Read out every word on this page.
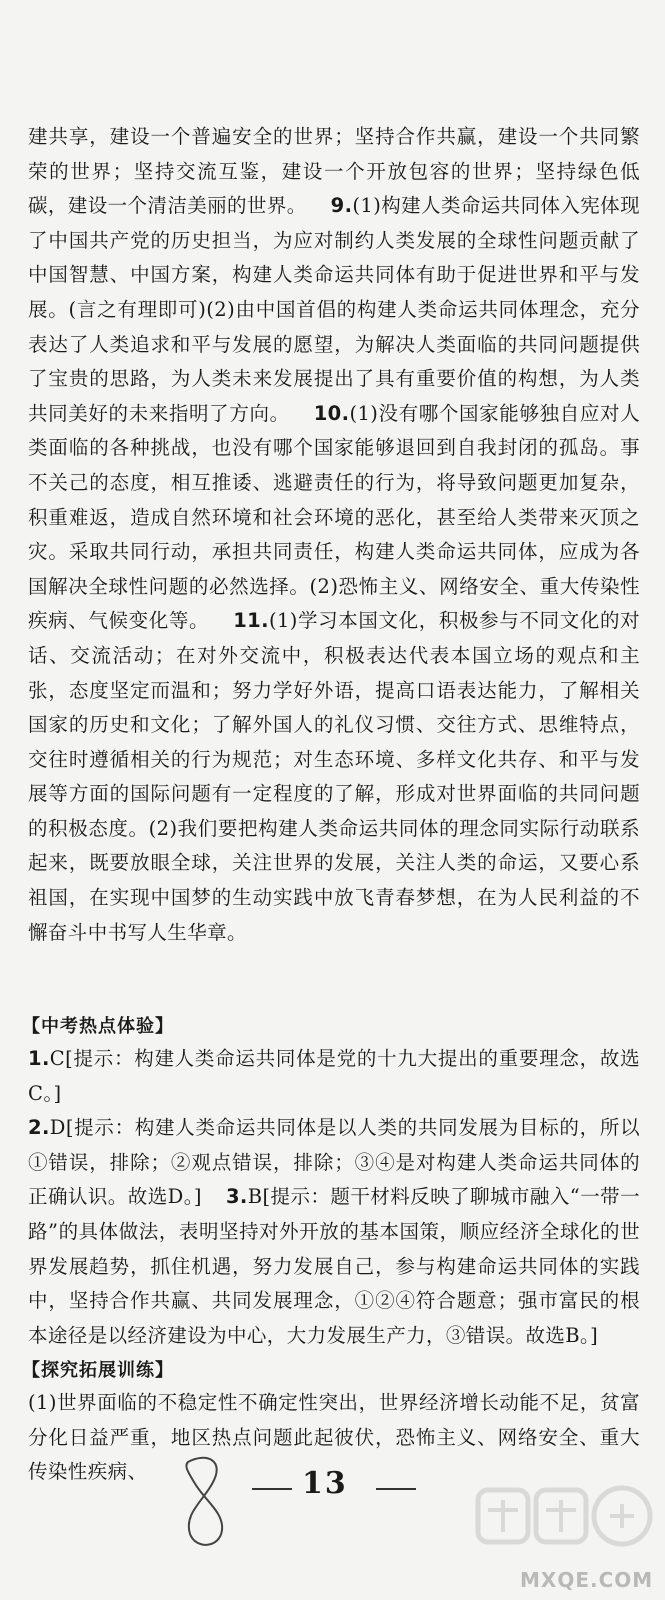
建共享，建设一个普遍安全的世界；坚持合作共赢，建设一个共同繁荣的世界；坚持交流互鉴，建设一个开放包容的世界；坚持绿色低碳，建设一个清洁美丽的世界。 9.(1)构建人类命运共同体入宪体现了中国共产党的历史担当，为应对制约人类发展的全球性问题贡献了中国智慧、中国方案，构建人类命运共同体有助于促进世界和平与发展。(言之有理即可)(2)由中国首倡的构建人类命运共同体理念，充分表达了人类追求和平与发展的愿望，为解决人类面临的共同问题提供了宝贵的思路，为人类未来发展提出了具有重要价值的构想，为人类共同美好的未来指明了方向。 10.(1)没有哪个国家能够独自应对人类面临的各种挑战，也没有哪个国家能够退回到自我封闭的孤岛。事不关己的态度，相互推诿、逃避责任的行为，将导致问题更加复杂，积重难返，造成自然环境和社会环境的恶化，甚至给人类带来灭顶之灾。采取共同行动，承担共同责任，构建人类命运共同体，应成为各国解决全球性问题的必然选择。(2)恐怖主义、网络安全、重大传染性疾病、气候变化等。 11.(1)学习本国文化，积极参与不同文化的对话、交流活动；在对外交流中，积极表达代表本国立场的观点和主张，态度坚定而温和；努力学好外语，提高口语表达能力，了解相关国家的历史和文化；了解外国人的礼仪习惯、交往方式、思维特点，交往时遵循相关的行为规范；对生态环境、多样文化共存、和平与发展等方面的国际问题有一定程度的了解，形成对世界面临的共同问题的积极态度。(2)我们要把构建人类命运共同体的理念同实际行动联系起来，既要放眼全球，关注世界的发展，关注人类的命运，又要心系祖国，在实现中国梦的生动实践中放飞青春梦想，在为人民利益的不懈奋斗中书写人生华章。

【中考热点体验】

1.C[提示：构建人类命运共同体是党的十九大提出的重要理念，故选C。]
2.D[提示：构建人类命运共同体是以人类的共同发展为目标的，所以①错误，排除；②观点错误，排除；③④是对构建人类命运共同体的正确认识。故选D。] 3.B[提示：题干材料反映了聊城市融入“一带一路”的具体做法，表明坚持对外开放的基本国策，顺应经济全球化的世界发展趋势，抓住机遇，努力发展自己，参与构建命运共同体的实践中，坚持合作共赢、共同发展理念，①②④符合题意；强市富民的根本途径是以经济建设为中心，大力发展生产力，③错误。故选B。]

【探究拓展训练】

(1)世界面临的不稳定性不确定性突出，世界经济增长动能不足，贫富分化日益严重，地区热点问题此起彼伏，恐怖主义、网络安全、重大传染性疾病、	13
MXQE.COM
